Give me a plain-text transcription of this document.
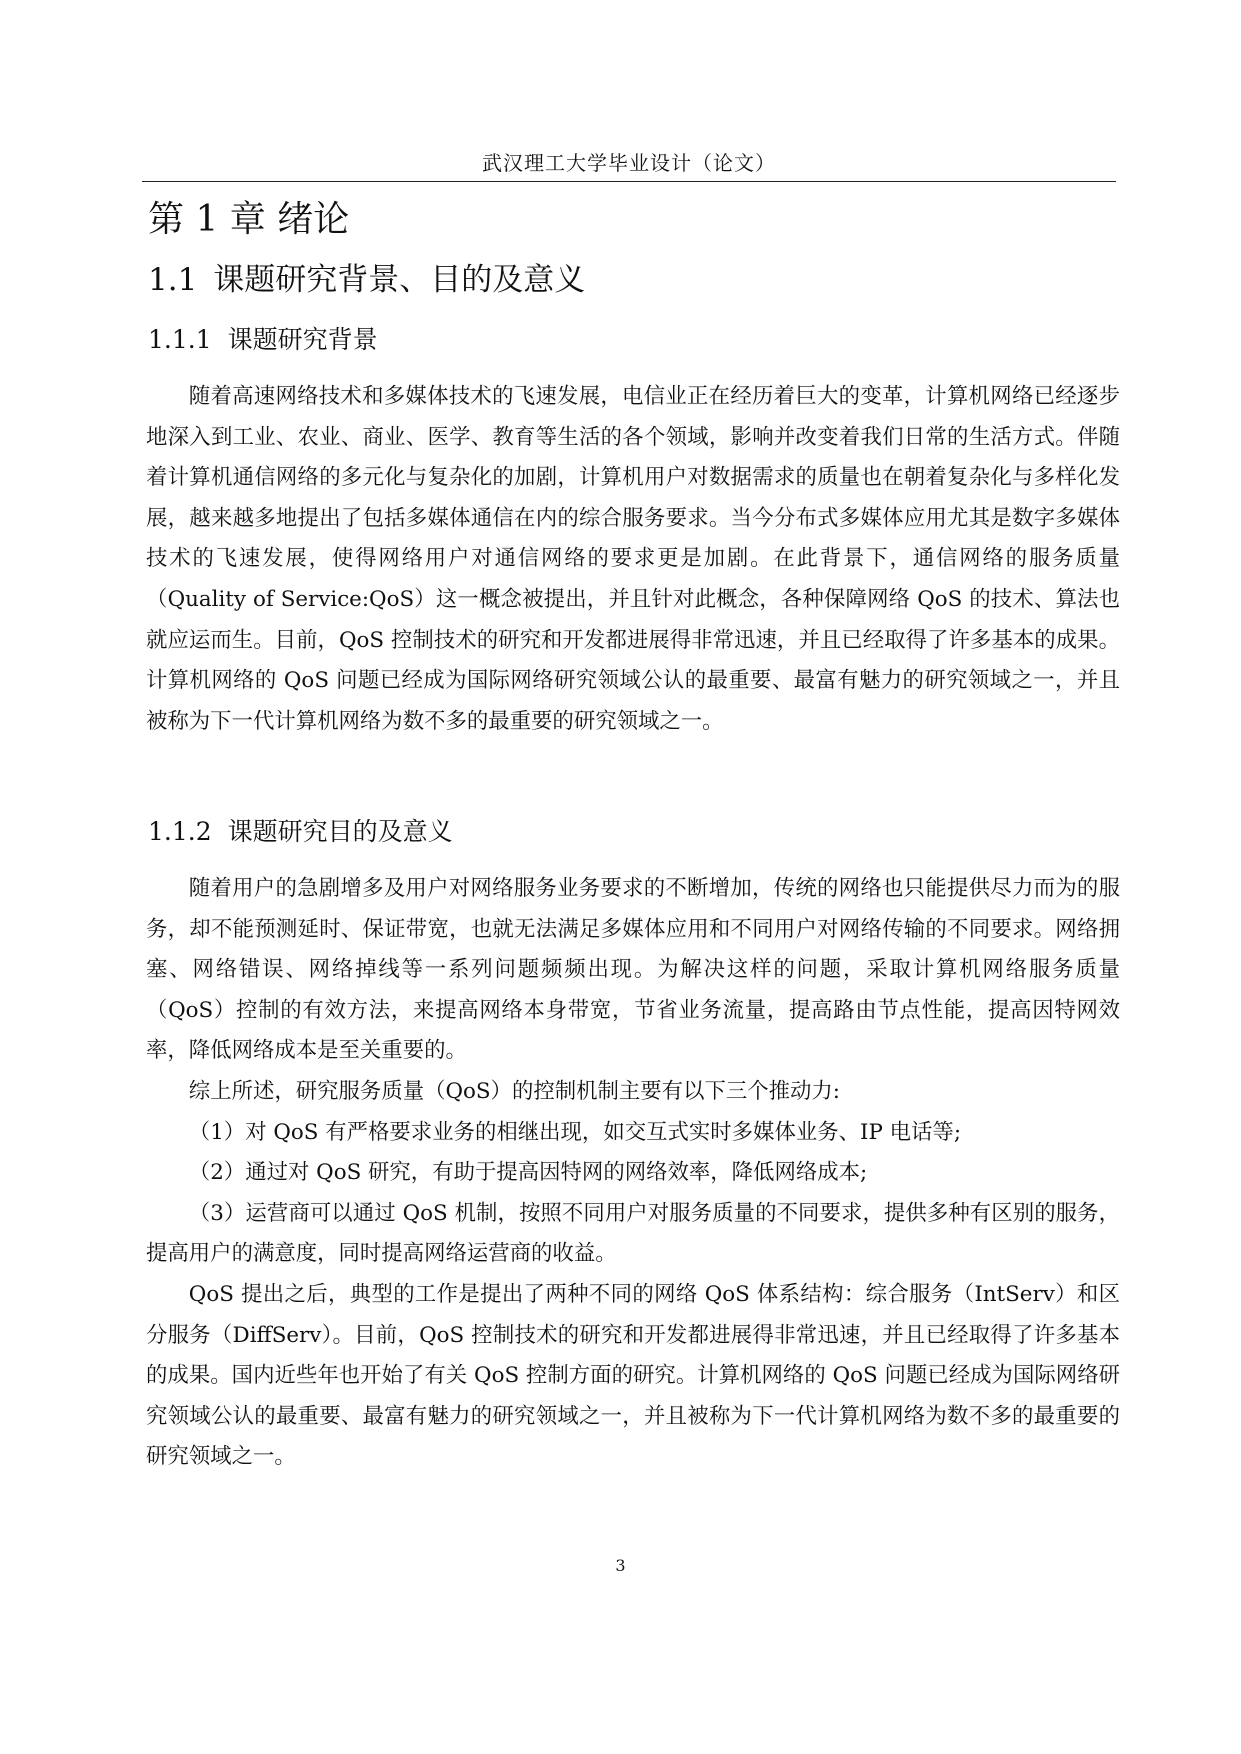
武汉理工大学毕业设计（论文）
第 1 章 绪论
1.1 课题研究背景、目的及意义
1.1.1 课题研究背景

随着高速网络技术和多媒体技术的飞速发展，电信业正在经历着巨大的变革，计算机网络已经逐步地深入到工业、农业、商业、医学、教育等生活的各个领域，影响并改变着我们日常的生活方式。伴随着计算机通信网络的多元化与复杂化的加剧，计算机用户对数据需求的质量也在朝着复杂化与多样化发展，越来越多地提出了包括多媒体通信在内的综合服务要求。当今分布式多媒体应用尤其是数字多媒体技术的飞速发展，使得网络用户对通信网络的要求更是加剧。在此背景下，通信网络的服务质量（Quality of Service:QoS）这一概念被提出，并且针对此概念，各种保障网络 QoS 的技术、算法也就应运而生。目前，QoS 控制技术的研究和开发都进展得非常迅速，并且已经取得了许多基本的成果。计算机网络的 QoS 问题已经成为国际网络研究领域公认的最重要、最富有魅力的研究领域之一，并且被称为下一代计算机网络为数不多的最重要的研究领域之一。

1.1.2 课题研究目的及意义

随着用户的急剧增多及用户对网络服务业务要求的不断增加，传统的网络也只能提供尽力而为的服务，却不能预测延时、保证带宽，也就无法满足多媒体应用和不同用户对网络传输的不同要求。网络拥塞、网络错误、网络掉线等一系列问题频频出现。为解决这样的问题，采取计算机网络服务质量（QoS）控制的有效方法，来提高网络本身带宽，节省业务流量，提高路由节点性能，提高因特网效率，降低网络成本是至关重要的。

综上所述，研究服务质量（QoS）的控制机制主要有以下三个推动力:

（1）对 QoS 有严格要求业务的相继出现，如交互式实时多媒体业务、IP 电话等;

（2）通过对 QoS 研究，有助于提高因特网的网络效率，降低网络成本;

（3）运营商可以通过 QoS 机制，按照不同用户对服务质量的不同要求，提供多种有区别的服务，提高用户的满意度，同时提高网络运营商的收益。

QoS 提出之后，典型的工作是提出了两种不同的网络 QoS 体系结构：综合服务（IntServ）和区分服务（DiffServ）。目前，QoS 控制技术的研究和开发都进展得非常迅速，并且已经取得了许多基本的成果。国内近些年也开始了有关 QoS 控制方面的研究。计算机网络的 QoS 问题已经成为国际网络研究领域公认的最重要、最富有魅力的研究领域之一，并且被称为下一代计算机网络为数不多的最重要的研究领域之一。

3
